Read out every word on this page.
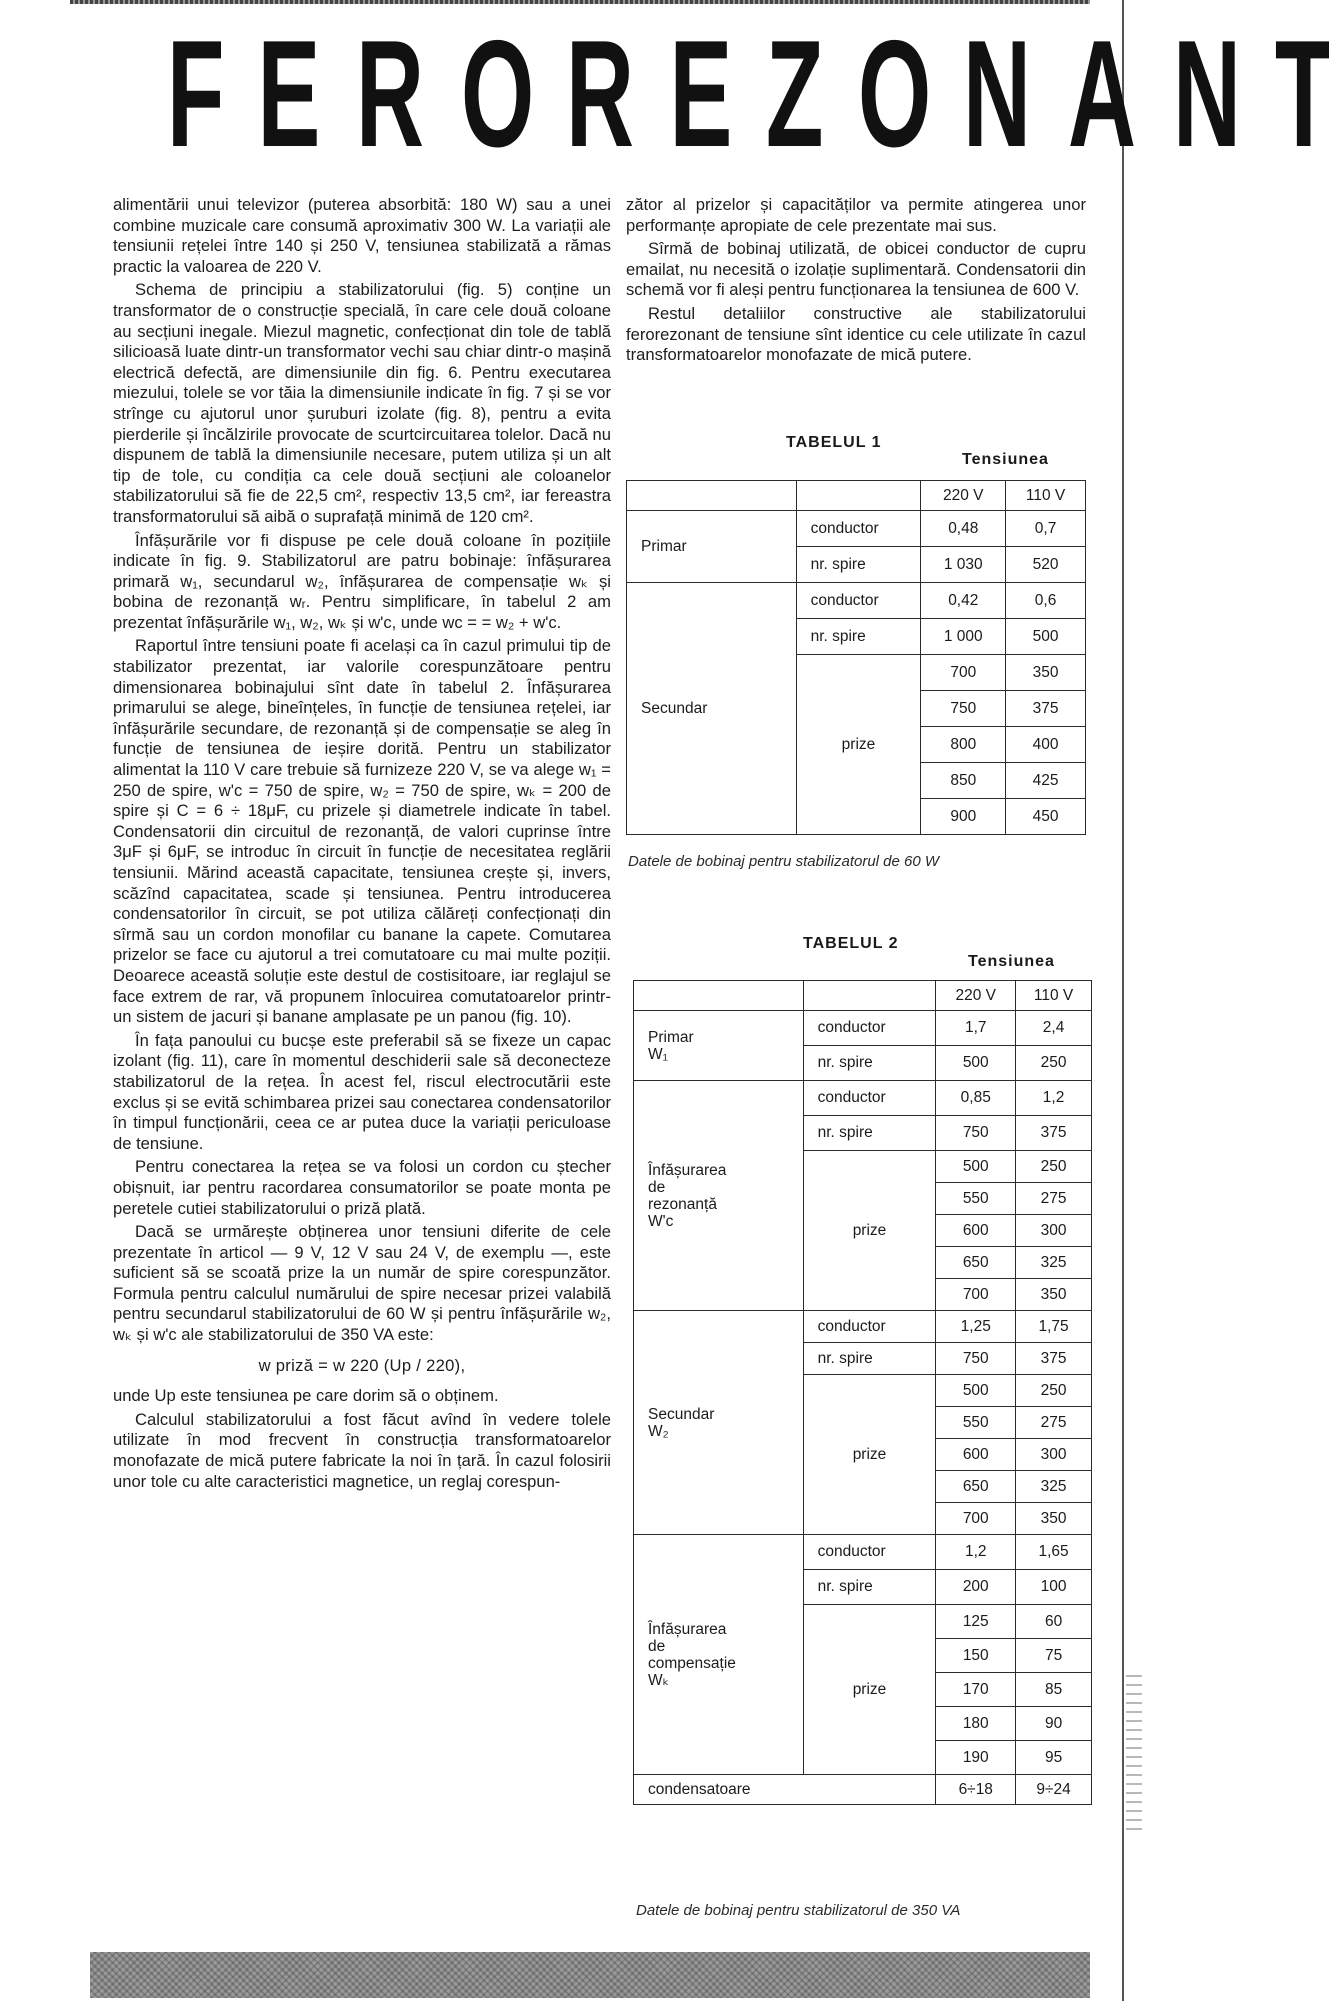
F E R O R E Z O N A N T

alimentării unui televizor (puterea absorbită: 180 W) sau a unei combine muzicale care consumă aproximativ 300 W. La variații ale tensiunii rețelei între 140 și 250 V, tensiunea stabilizată a rămas practic la valoarea de 220 V.

Schema de principiu a stabilizatorului (fig. 5) conține un transformator de o construcție specială, în care cele două coloane au secțiuni inegale. Miezul magnetic, confecționat din tole de tablă silicioasă luate dintr-un transformator vechi sau chiar dintr-o mașină electrică defectă, are dimensiunile din fig. 6. Pentru executarea miezului, tolele se vor tăia la dimensiunile indicate în fig. 7 și se vor strînge cu ajutorul unor șuruburi izolate (fig. 8), pentru a evita pierderile și încălzirile provocate de scurtcircuitarea tolelor. Dacă nu dispunem de tablă la dimensiunile necesare, putem utiliza și un alt tip de tole, cu condiția ca cele două secțiuni ale coloanelor stabilizatorului să fie de 22,5 cm², respectiv 13,5 cm², iar fereastra transformatorului să aibă o suprafață minimă de 120 cm².

Înfășurările vor fi dispuse pe cele două coloane în pozițiile indicate în fig. 9. Stabilizatorul are patru bobinaje: înfășurarea primară w₁, secundarul w₂, înfășurarea de compensație wₖ și bobina de rezonanță wᵣ. Pentru simplificare, în tabelul 2 am prezentat înfășurările w₁, w₂, wₖ și w'c, unde wc = = w₂ + w'c.

Raportul între tensiuni poate fi același ca în cazul primului tip de stabilizator prezentat, iar valorile corespunzătoare pentru dimensionarea bobinajului sînt date în tabelul 2. Înfășurarea primarului se alege, bineînțeles, în funcție de tensiunea rețelei, iar înfășurările secundare, de rezonanță și de compensație se aleg în funcție de tensiunea de ieșire dorită. Pentru un stabilizator alimentat la 110 V care trebuie să furnizeze 220 V, se va alege w₁ = 250 de spire, w'c = 750 de spire, w₂ = 750 de spire, wₖ = 200 de spire și C = 6 ÷ 18μF, cu prizele și diametrele indicate în tabel. Condensatorii din circuitul de rezonanță, de valori cuprinse între 3μF și 6μF, se introduc în circuit în funcție de necesitatea reglării tensiunii. Mărind această capacitate, tensiunea crește și, invers, scăzînd capacitatea, scade și tensiunea. Pentru introducerea condensatorilor în circuit, se pot utiliza călăreți confecționați din sîrmă sau un cordon monofilar cu banane la capete. Comutarea prizelor se face cu ajutorul a trei comutatoare cu mai multe poziții. Deoarece această soluție este destul de costisitoare, iar reglajul se face extrem de rar, vă propunem înlocuirea comutatoarelor printr-un sistem de jacuri și banane amplasate pe un panou (fig. 10).

În fața panoului cu bucșe este preferabil să se fixeze un capac izolant (fig. 11), care în momentul deschiderii sale să deconecteze stabilizatorul de la rețea. În acest fel, riscul electrocutării este exclus și se evită schimbarea prizei sau conectarea condensatorilor în timpul funcționării, ceea ce ar putea duce la variații periculoase de tensiune.

Pentru conectarea la rețea se va folosi un cordon cu ștecher obișnuit, iar pentru racordarea consumatorilor se poate monta pe peretele cutiei stabilizatorului o priză plată.

Dacă se urmărește obținerea unor tensiuni diferite de cele prezentate în articol — 9 V, 12 V sau 24 V, de exemplu —, este suficient să se scoată prize la un număr de spire corespunzător. Formula pentru calculul numărului de spire necesar prizei valabilă pentru secundarul stabilizatorului de 60 W și pentru înfășurările w₂, wₖ și w'c ale stabilizatorului de 350 VA este:

w priză = w 220 (Up / 220),

unde Up este tensiunea pe care dorim să o obținem.

Calculul stabilizatorului a fost făcut avînd în vedere tolele utilizate în mod frecvent în construcția transformatoarelor monofazate de mică putere fabricate la noi în țară. În cazul folosirii unor tole cu alte caracteristici magnetice, un reglaj corespun-

zător al prizelor și capacităților va permite atingerea unor performanțe apropiate de cele prezentate mai sus.

Sîrmă de bobinaj utilizată, de obicei conductor de cupru emailat, nu necesită o izolație suplimentară. Condensatorii din schemă vor fi aleși pentru funcționarea la tensiunea de 600 V.

Restul detaliilor constructive ale stabilizatorului ferorezonant de tensiune sînt identice cu cele utilizate în cazul transformatoarelor monofazate de mică putere.

TABELUL 1
Tensiunea
		220 V	110 V
Primar	conductor	0,48	0,7
	nr. spire	1 030	520
Secundar	conductor	0,42	0,6
	nr. spire	1 000	500
	prize	700	350
		750	375
		800	400
		850	425
		900	450
Datele de bobinaj pentru stabilizatorul de 60 W
TABELUL 2
Tensiunea
		220 V	110 V

Primar
W₁	conductor	1,7	2,4
	nr. spire	500	250

Înfășurarea
de
rezonanță
W'c	conductor	0,85	1,2
	nr. spire	750	375
	prize	500	250
		550	275
		600	300
		650	325
		700	350

Secundar
W₂	conductor	1,25	1,75
	nr. spire	750	375
	prize	500	250
		550	275
		600	300
		650	325
		700	350

Înfășurarea
de
compensație
Wₖ	conductor	1,2	1,65
	nr. spire	200	100
	prize	125	60
		150	75
		170	85
		180	90
		190	95
condensatoare		6÷18	9÷24
Datele de bobinaj pentru stabilizatorul de 350 VA
